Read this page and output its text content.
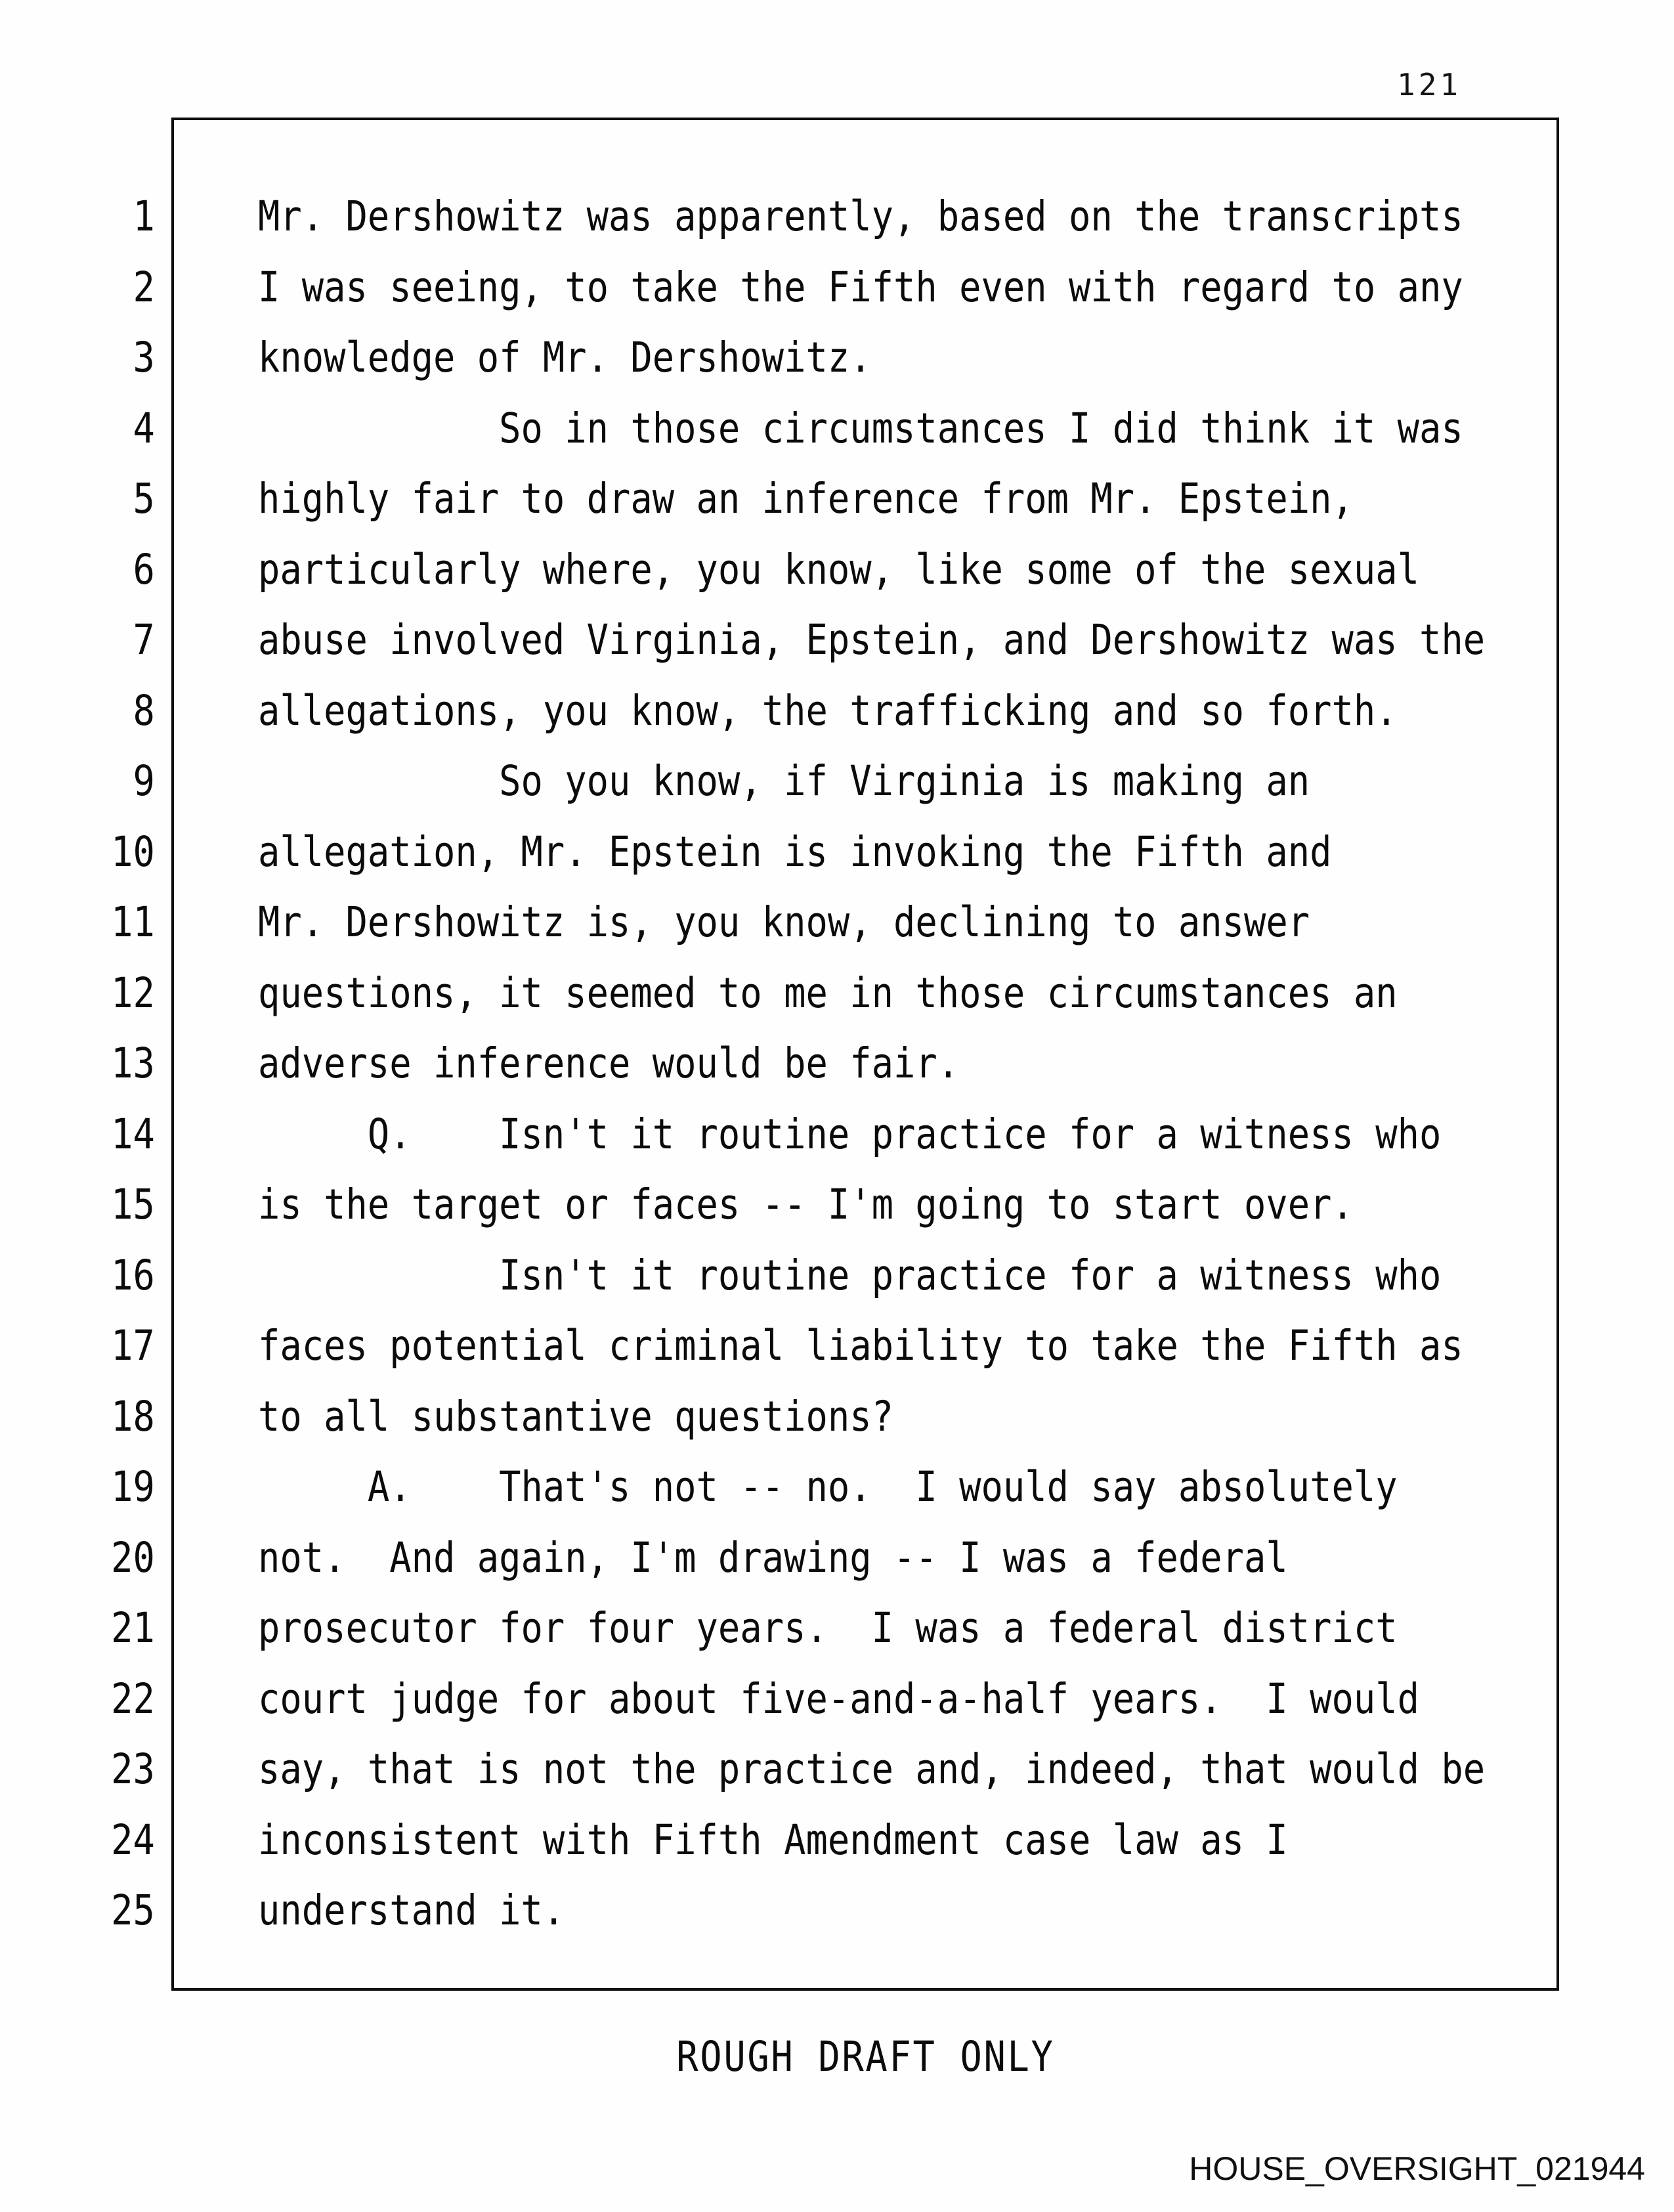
121
1 Mr. Dershowitz was apparently, based on the transcripts
2 I was seeing, to take the Fifth even with regard to any
3 knowledge of Mr. Dershowitz.
4 So in those circumstances I did think it was
5 highly fair to draw an inference from Mr. Epstein,
6 particularly where, you know, like some of the sexual
7 abuse involved Virginia, Epstein, and Dershowitz was the
8 allegations, you know, the trafficking and so forth.
9 So you know, if Virginia is making an
10 allegation, Mr. Epstein is invoking the Fifth and
11 Mr. Dershowitz is, you know, declining to answer
12 questions, it seemed to me in those circumstances an
13 adverse inference would be fair.
14 Q.    Isn't it routine practice for a witness who
15 is the target or faces -- I'm going to start over.
16 Isn't it routine practice for a witness who
17 faces potential criminal liability to take the Fifth as
18 to all substantive questions?
19 A.    That's not -- no.  I would say absolutely
20 not.  And again, I'm drawing -- I was a federal
21 prosecutor for four years.  I was a federal district
22 court judge for about five-and-a-half years.  I would
23 say, that is not the practice and, indeed, that would be
24 inconsistent with Fifth Amendment case law as I
25 understand it.
ROUGH DRAFT ONLY
HOUSE_OVERSIGHT_021944
